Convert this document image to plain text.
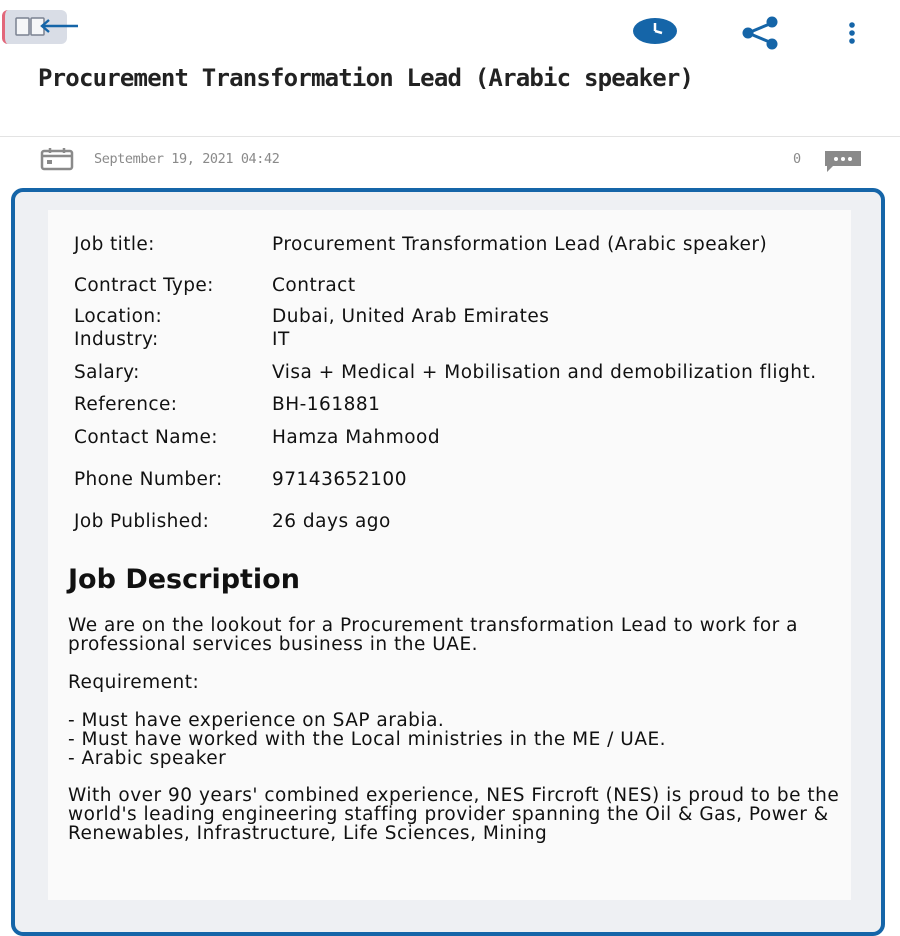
Procurement Transformation Lead (Arabic speaker)
September 19, 2021 04:42	0
Job title:	Procurement Transformation Lead (Arabic speaker)
Contract Type:	Contract
Location:	Dubai, United Arab Emirates
Industry:	IT
Salary:	Visa + Medical + Mobilisation and demobilization flight.
Reference:	BH-161881
Contact Name:	Hamza Mahmood
Phone Number:	97143652100
Job Published:	26 days ago
Job Description

We are on the lookout for a Procurement transformation Lead to work for a professional services business in the UAE.

Requirement:

- Must have experience on SAP arabia.

- Must have worked with the Local ministries in the ME / UAE.

- Arabic speaker

With over 90 years' combined experience, NES Fircroft (NES) is proud to be the world's leading engineering staffing provider spanning the Oil & Gas, Power & Renewables, Infrastructure, Life Sciences, Mining
